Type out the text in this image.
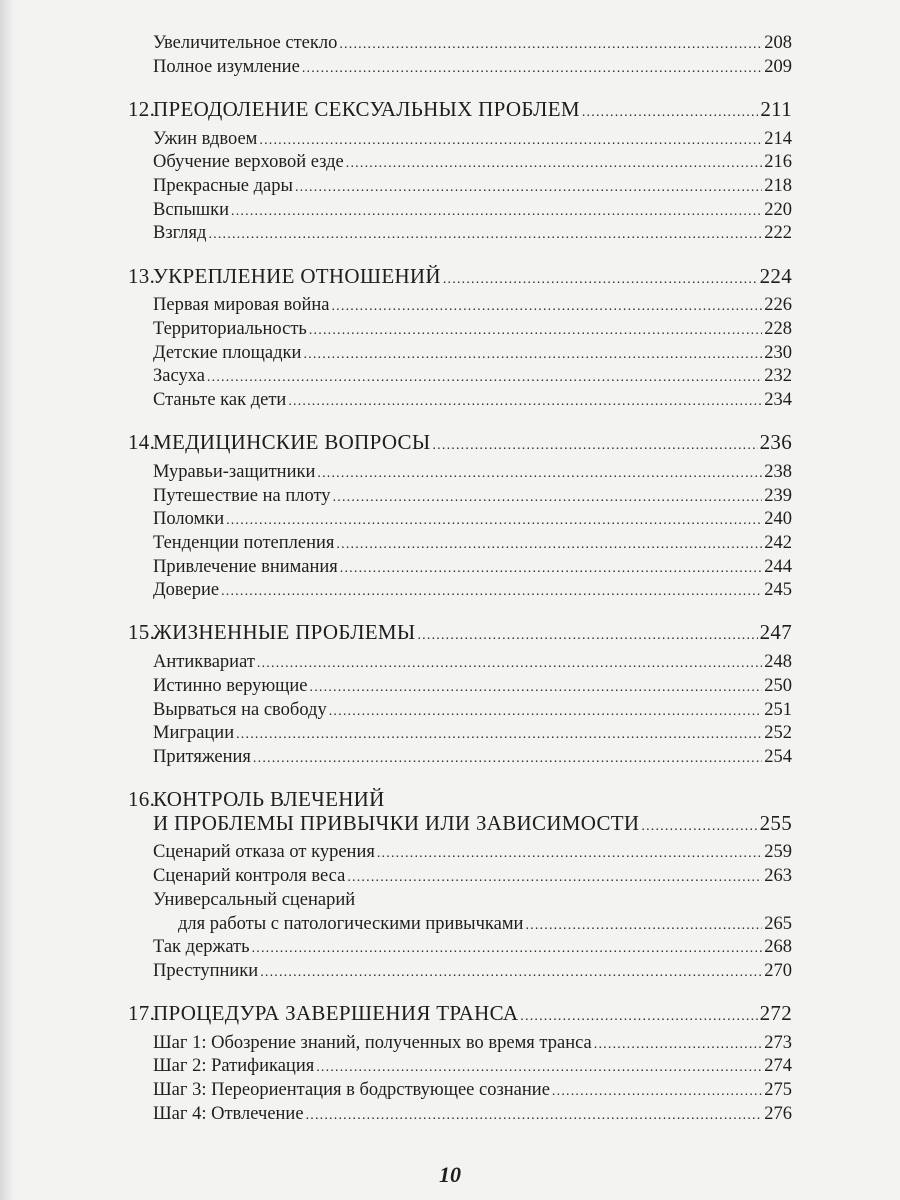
Увеличительное стекло .....	208
Полное изумление .....	209
12.
ПРЕОДОЛЕНИЕ СЕКСУАЛЬНЫХ ПРОБЛЕМ .....	211
Ужин вдвоем .....	214
Обучение верховой езде .....	216
Прекрасные дары .....	218
Вспышки .....	220
Взгляд .....	222
13.
УКРЕПЛЕНИЕ ОТНОШЕНИЙ .....	224
Первая мировая война .....	226
Территориальность .....	228
Детские площадки .....	230
Засуха .....	232
Станьте как дети .....	234
14.
МЕДИЦИНСКИЕ ВОПРОСЫ .....	236
Муравьи-защитники .....	238
Путешествие на плоту .....	239
Поломки .....	240
Тенденции потепления .....	242
Привлечение внимания .....	244
Доверие .....	245
15.
ЖИЗНЕННЫЕ ПРОБЛЕМЫ .....	247
Антиквариат .....	248
Истинно верующие .....	250
Вырваться на свободу .....	251
Миграции .....	252
Притяжения .....	254
16.
КОНТРОЛЬ ВЛЕЧЕНИЙ
И ПРОБЛЕМЫ ПРИВЫЧКИ ИЛИ ЗАВИСИМОСТИ .....	255
Сценарий отказа от курения .....	259
Сценарий контроля веса .....	263
Универсальный сценарий
для работы с патологическими привычками .....	265
Так держать .....	268
Преступники .....	270
17.
ПРОЦЕДУРА ЗАВЕРШЕНИЯ ТРАНСА .....	272
Шаг 1: Обозрение знаний, полученных во время транса .....	273
Шаг 2: Ратификация .....	274
Шаг 3: Переориентация в бодрствующее сознание .....	275
Шаг 4: Отвлечение .....	276
10
